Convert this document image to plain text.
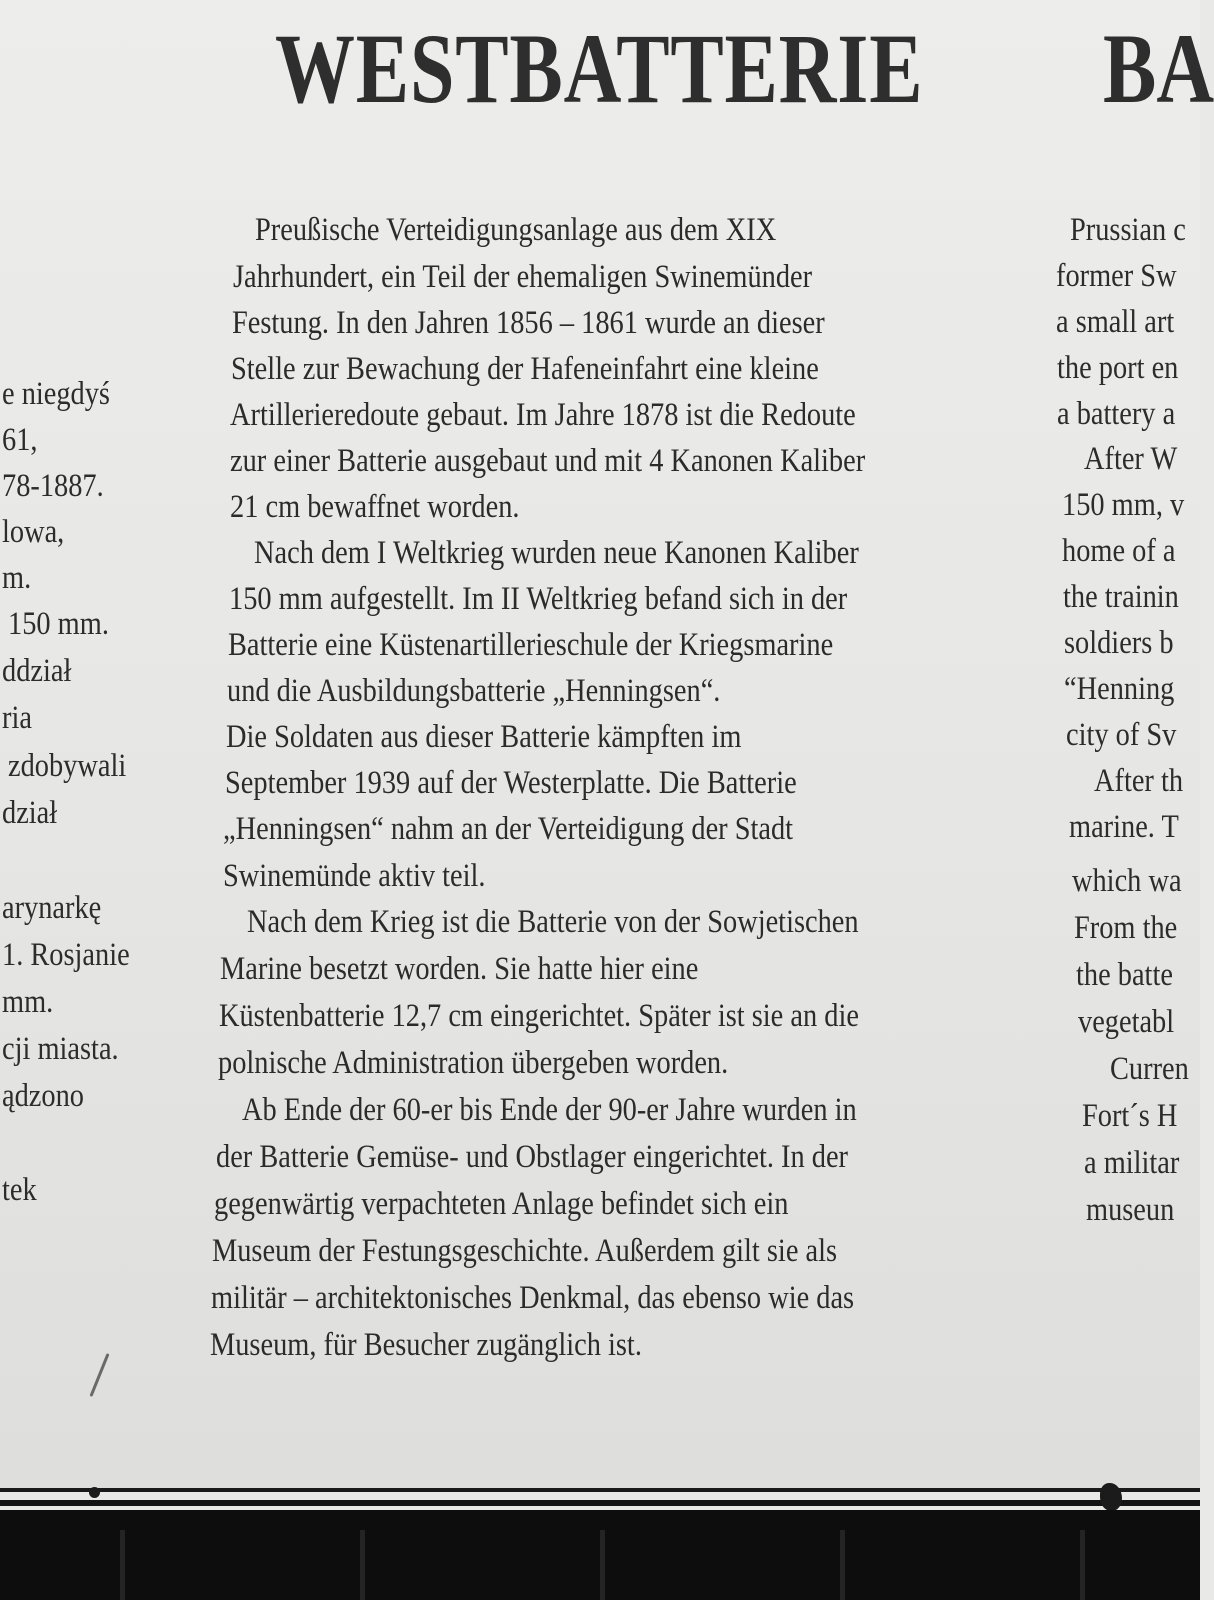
WESTBATTERIE BA
Preußische Verteidigungsanlage aus dem XIX
Jahrhundert, ein Teil der ehemaligen Swinemünder
Festung. In den Jahren 1856 – 1861 wurde an dieser
Stelle zur Bewachung der Hafeneinfahrt eine kleine
Artillerieredoute gebaut. Im Jahre 1878 ist die Redoute
zur einer Batterie ausgebaut und mit 4 Kanonen Kaliber
21 cm bewaffnet worden.
Nach dem I Weltkrieg wurden neue Kanonen Kaliber
150 mm aufgestellt. Im II Weltkrieg befand sich in der
Batterie eine Küstenartillerieschule der Kriegsmarine
und die Ausbildungsbatterie „Henningsen“.
Die Soldaten aus dieser Batterie kämpften im
September 1939 auf der Westerplatte. Die Batterie
„Henningsen“ nahm an der Verteidigung der Stadt
Swinemünde aktiv teil.
Nach dem Krieg ist die Batterie von der Sowjetischen
Marine besetzt worden. Sie hatte hier eine
Küstenbatterie 12,7 cm eingerichtet. Später ist sie an die
polnische Administration übergeben worden.
Ab Ende der 60-er bis Ende der 90-er Jahre wurden in
der Batterie Gemüse- und Obstlager eingerichtet. In der
gegenwärtig verpachteten Anlage befindet sich ein
Museum der Festungsgeschichte. Außerdem gilt sie als
militär – architektonisches Denkmal, das ebenso wie das
Museum, für Besucher zugänglich ist.
e niegdyś
61,
78-1887.
lowa,
m.
150 mm.
ddział
ria
zdobywali
dział
arynarkę
1. Rosjanie
mm.
cji miasta.
ądzono
tek
Prussian c
former Sw
a small art
the port en
a battery a
After W
150 mm, v
home of a
the trainin
soldiers b
“Henning
city of Sv
After th
marine. T
which wa
From the
the batte
vegetabl
Curren
Fort´s H
a militar
museun
